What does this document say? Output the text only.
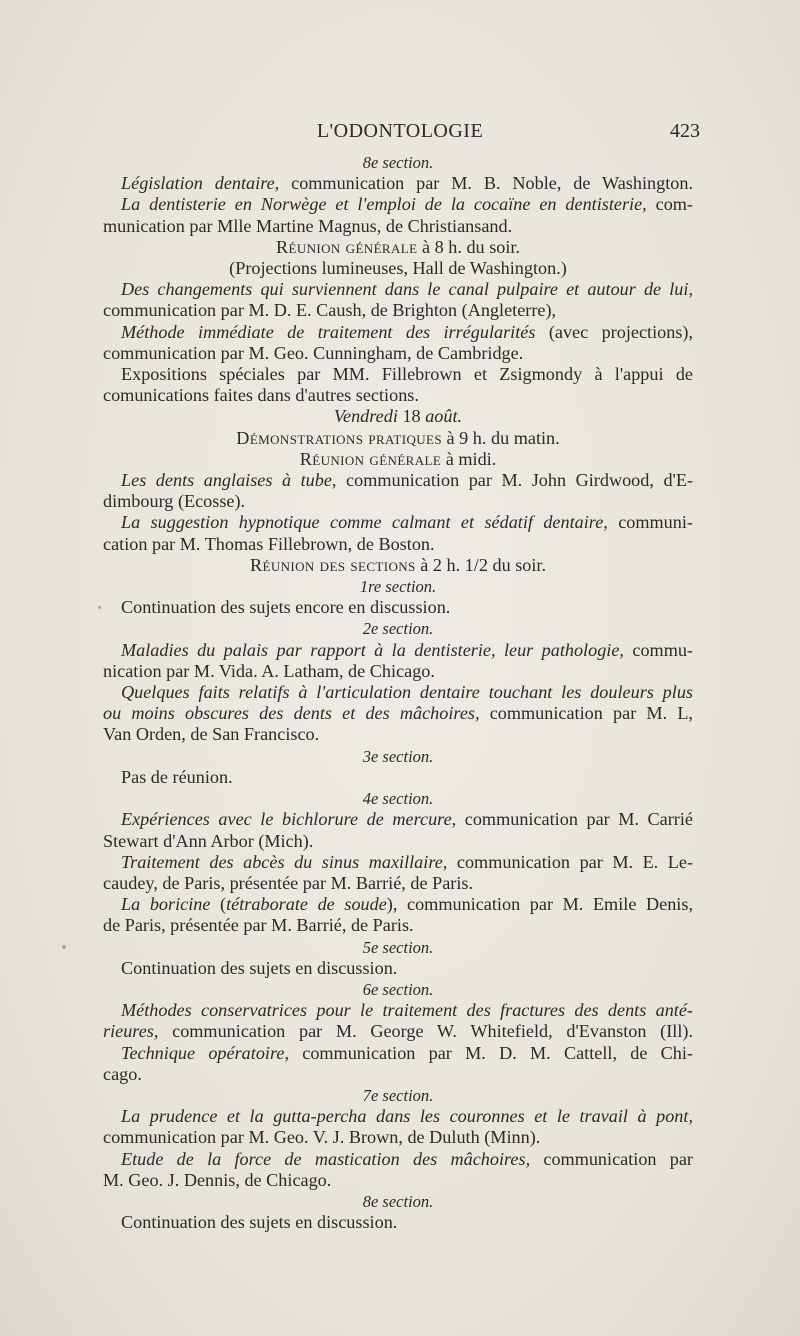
L'ODONTOLOGIE	423
8e section.
Législation dentaire, communication par M. B. Noble, de Washington.
La dentisterie en Norwège et l'emploi de la cocaïne en dentisterie, com-
munication par Mlle Martine Magnus, de Christiansand.
Réunion générale à 8 h. du soir.
(Projections lumineuses, Hall de Washington.)
Des changements qui surviennent dans le canal pulpaire et autour de lui,
communication par M. D. E. Caush, de Brighton (Angleterre),
Méthode immédiate de traitement des irrégularités (avec projections),
communication par M. Geo. Cunningham, de Cambridge.
Expositions spéciales par MM. Fillebrown et Zsigmondy à l'appui de
comunications faites dans d'autres sections.
Vendredi 18 août.
Démonstrations pratiques à 9 h. du matin.
Réunion générale à midi.
Les dents anglaises à tube, communication par M. John Girdwood, d'E-
dimbourg (Ecosse).
La suggestion hypnotique comme calmant et sédatif dentaire, communi-
cation par M. Thomas Fillebrown, de Boston.
Réunion des sections à 2 h. 1/2 du soir.
1re section.
Continuation des sujets encore en discussion.
2e section.
Maladies du palais par rapport à la dentisterie, leur pathologie, commu-
nication par M. Vida. A. Latham, de Chicago.
Quelques faits relatifs à l'articulation dentaire touchant les douleurs plus
ou moins obscures des dents et des mâchoires, communication par M. L,
Van Orden, de San Francisco.
3e section.
Pas de réunion.
4e section.
Expériences avec le bichlorure de mercure, communication par M. Carrié
Stewart d'Ann Arbor (Mich).
Traitement des abcès du sinus maxillaire, communication par M. E. Le-
caudey, de Paris, présentée par M. Barrié, de Paris.
La boricine (tétraborate de soude), communication par M. Emile Denis,
de Paris, présentée par M. Barrié, de Paris.
5e section.
Continuation des sujets en discussion.
6e section.
Méthodes conservatrices pour le traitement des fractures des dents anté-
rieures, communication par M. George W. Whitefield, d'Evanston (Ill).
Technique opératoire, communication par M. D. M. Cattell, de Chi-
cago.
7e section.
La prudence et la gutta-percha dans les couronnes et le travail à pont,
communication par M. Geo. V. J. Brown, de Duluth (Minn).
Etude de la force de mastication des mâchoires, communication par
M. Geo. J. Dennis, de Chicago.
8e section.
Continuation des sujets en discussion.
